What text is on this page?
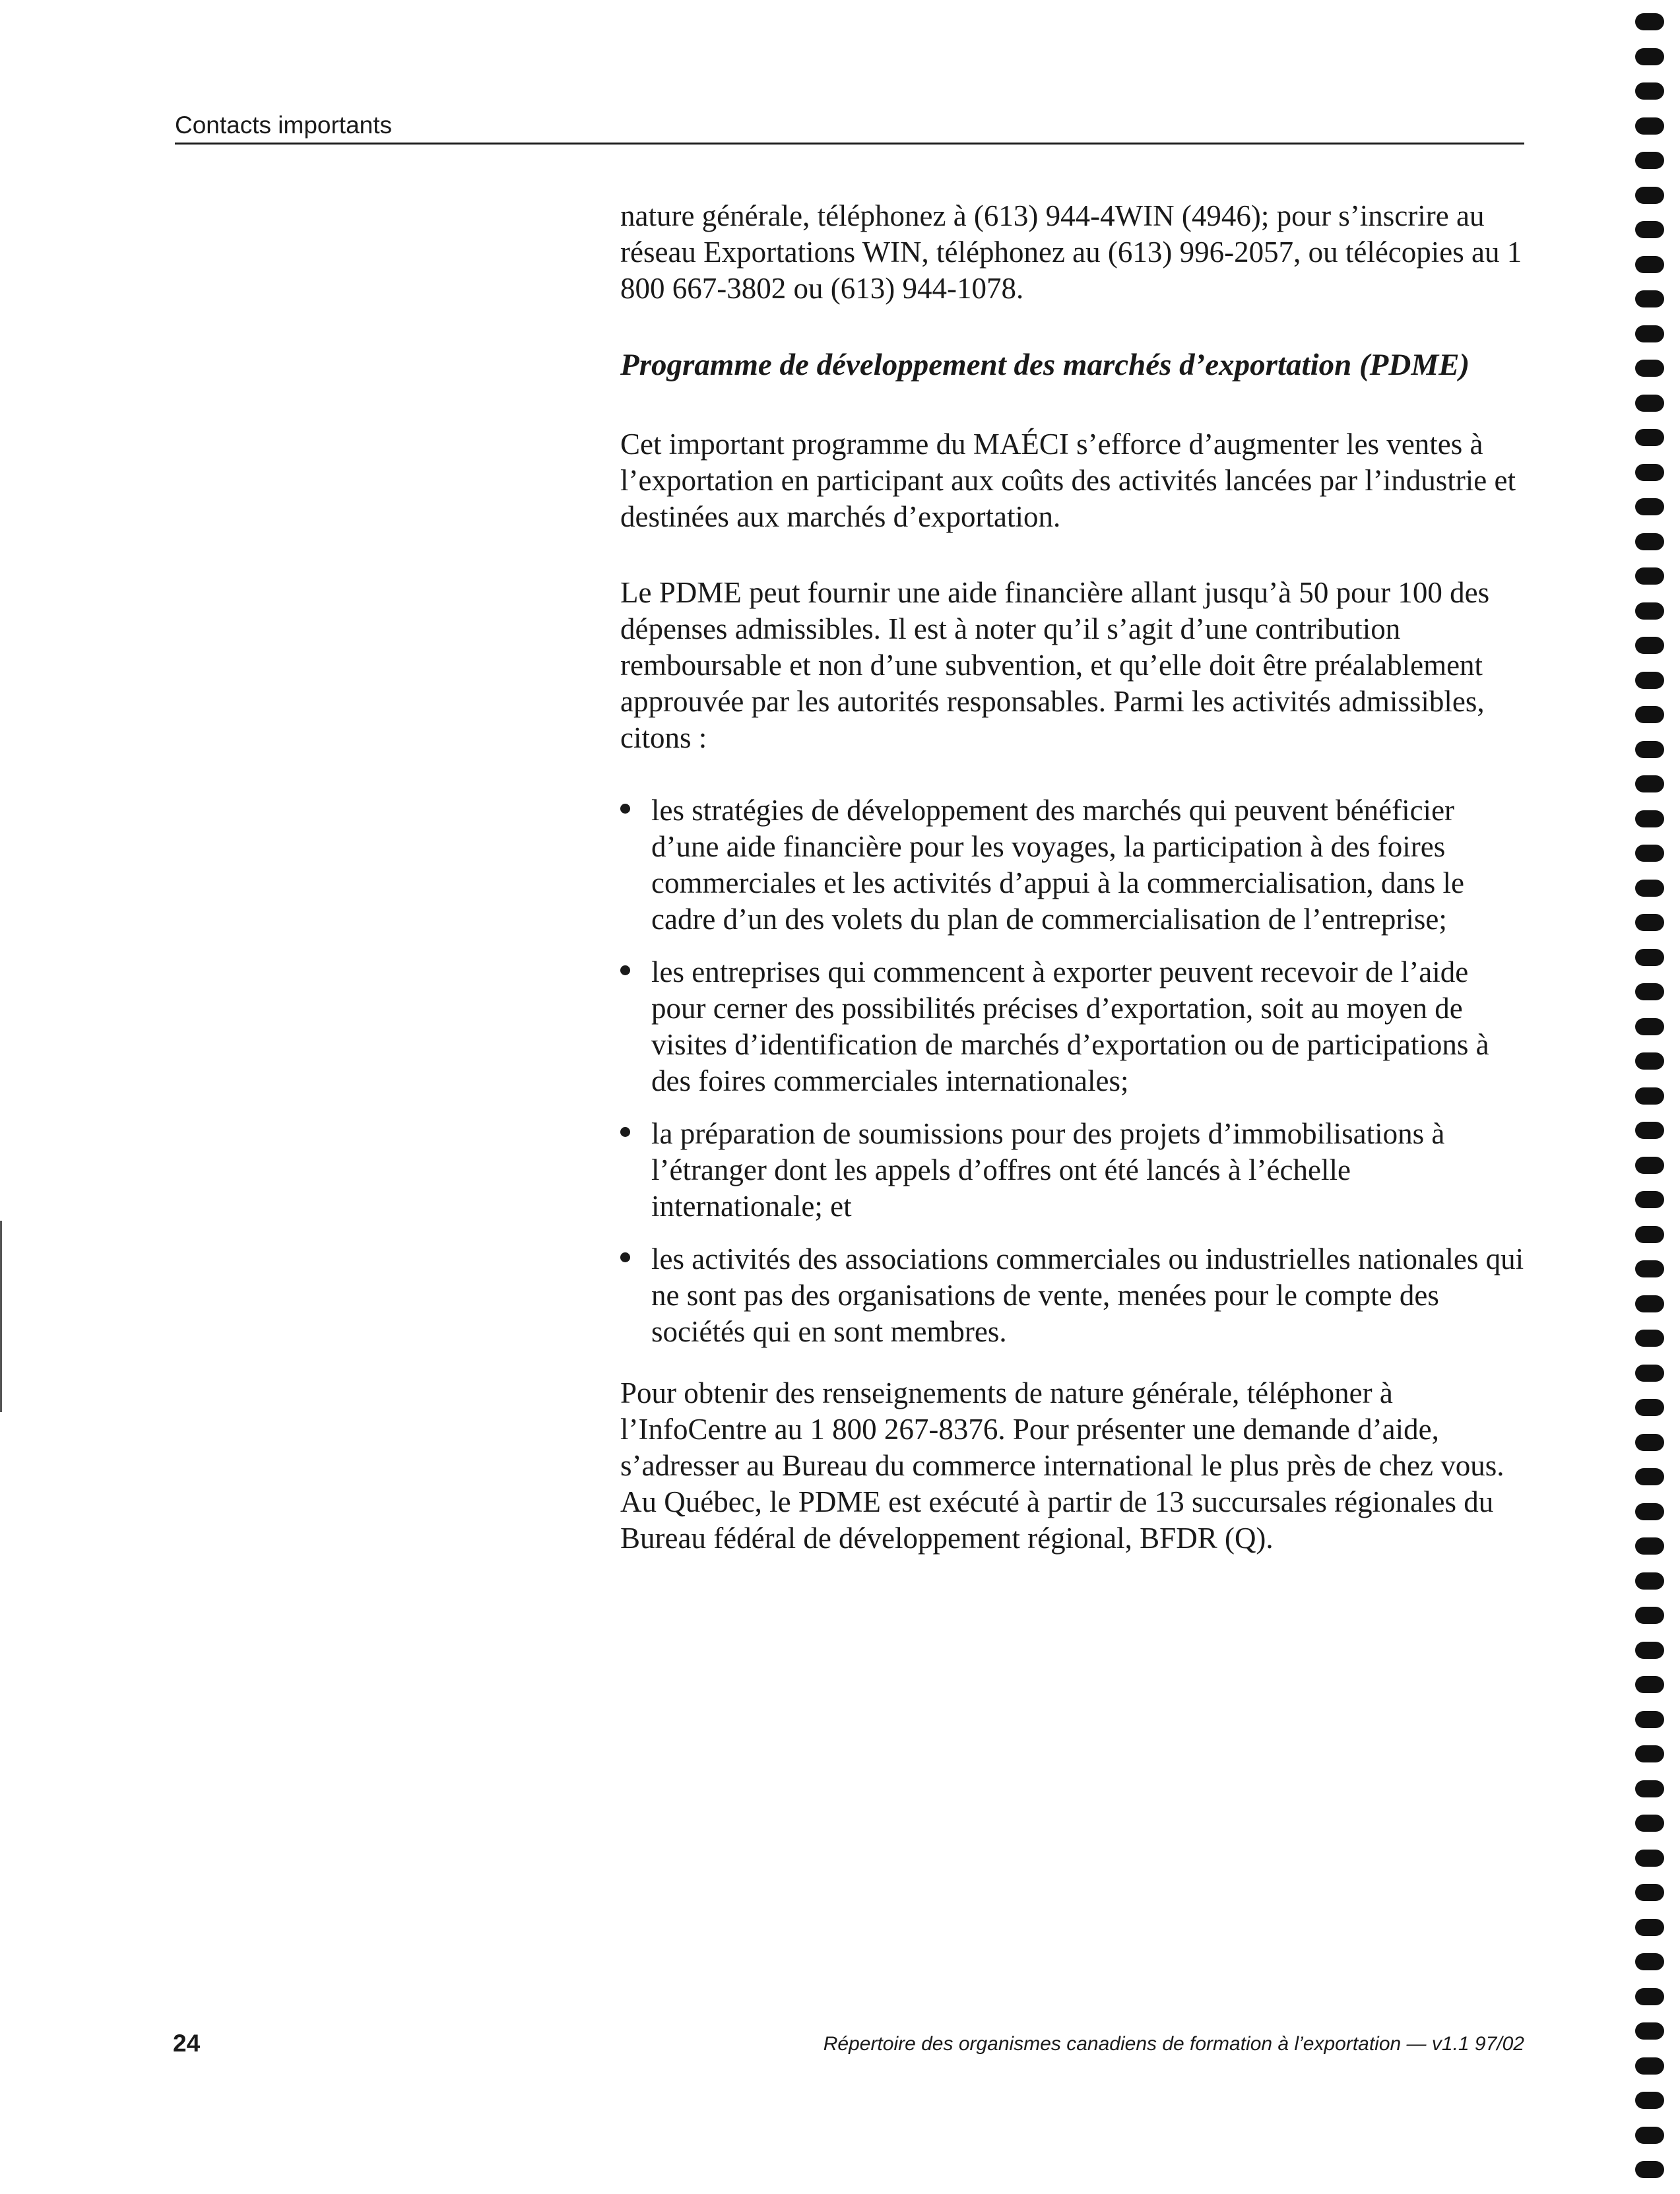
Contacts importants

nature générale, téléphonez à (613) 944-4WIN (4946); pour s’inscrire au réseau Exportations WIN, téléphonez au (613) 996-2057, ou télécopies au 1 800 667-3802 ou (613) 944-1078.

Programme de développement des marchés d’exportation (PDME)

Cet important programme du MAÉCI s’efforce d’augmenter les ventes à l’exportation en participant aux coûts des activités lancées par l’industrie et destinées aux marchés d’exportation.

Le PDME peut fournir une aide financière allant jusqu’à 50 pour 100 des dépenses admissibles. Il est à noter qu’il s’agit d’une contribution remboursable et non d’une subvention, et qu’elle doit être préalablement approuvée par les autorités responsables. Parmi les activités admissibles, citons :

les stratégies de développement des marchés qui peuvent bénéficier d’une aide financière pour les voyages, la participation à des foires commerciales et les activités d’appui à la commercialisation, dans le cadre d’un des volets du plan de commercialisation de l’entreprise;
les entreprises qui commencent à exporter peuvent recevoir de l’aide pour cerner des possibilités précises d’exportation, soit au moyen de visites d’identification de marchés d’exportation ou de participations à des foires commerciales internationales;
la préparation de soumissions pour des projets d’immobilisations à l’étranger dont les appels d’offres ont été lancés à l’échelle internationale; et
les activités des associations commerciales ou industrielles nationales qui ne sont pas des organisations de vente, menées pour le compte des sociétés qui en sont membres.

Pour obtenir des renseignements de nature générale, téléphoner à l’InfoCentre au 1 800 267-8376. Pour présenter une demande d’aide, s’adresser au Bureau du commerce international le plus près de chez vous. Au Québec, le PDME est exécuté à partir de 13 succursales régionales du Bureau fédéral de développement régional, BFDR (Q).

24	Répertoire des organismes canadiens de formation à l’exportation — v1.1 97/02
